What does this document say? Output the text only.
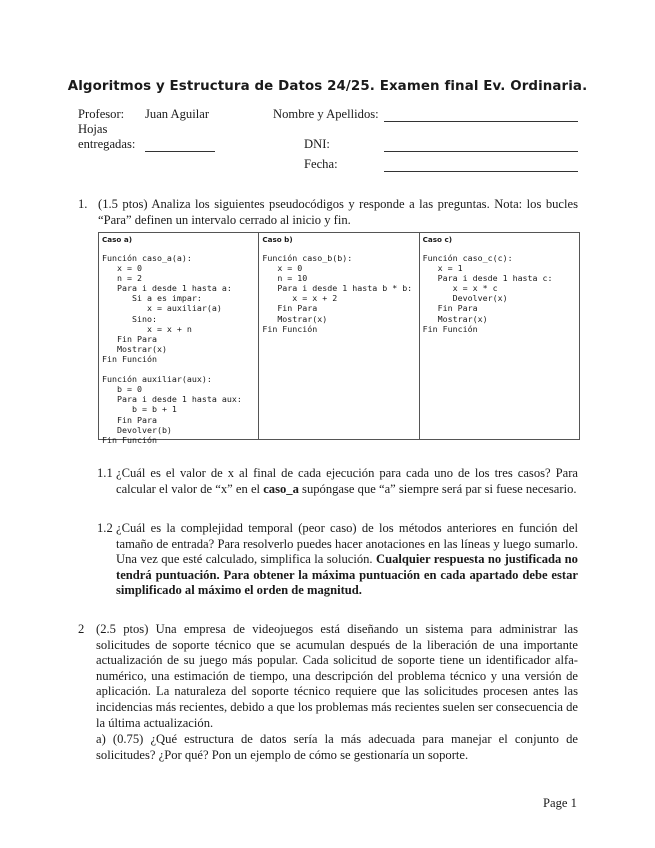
Algoritmos y Estructura de Datos 24/25. Examen final Ev. Ordinaria.
Profesor: Juan Aguilar	Nombre y Apellidos:
Hojas
entregadas:	DNI:
Fecha:
1. (1.5 ptos) Analiza los siguientes pseudocódigos y responde a las preguntas. Nota: los bucles “Para” definen un intervalo cerrado al inicio y fin.
Caso a)
Función caso_a(a):
x = 0
n = 2
Para i desde 1 hasta a:
Si a es impar:
x = auxiliar(a)
Sino:
x = x + n
Fin Para
Mostrar(x)
Fin Función

Función auxiliar(aux):
b = 0
Para i desde 1 hasta aux:
b = b + 1
Fin Para
Devolver(b)
Fin Función
Caso b)
Función caso_b(b):
x = 0
n = 10
Para i desde 1 hasta b * b:
x = x + 2
Fin Para
Mostrar(x)
Fin Función
Caso c)
Función caso_c(c):
x = 1
Para i desde 1 hasta c:
x = x * c
Devolver(x)
Fin Para
Mostrar(x)
Fin Función
1.1 ¿Cuál es el valor de x al final de cada ejecución para cada uno de los tres casos? Para calcular el valor de “x” en el caso_a supóngase que “a” siempre será par si fuese necesario.
1.2 ¿Cuál es la complejidad temporal (peor caso) de los métodos anteriores en función del tamaño de entrada? Para resolverlo puedes hacer anotaciones en las líneas y luego sumarlo. Una vez que esté calculado, simplifica la solución. Cualquier respuesta no justificada no tendrá puntuación. Para obtener la máxima puntuación en cada apartado debe estar simplificado al máximo el orden de magnitud.
2 (2.5 ptos) Una empresa de videojuegos está diseñando un sistema para administrar las solicitudes de soporte técnico que se acumulan después de la liberación de una importante actualización de su juego más popular. Cada solicitud de soporte tiene un identificador alfa-numérico, una estimación de tiempo, una descripción del problema técnico y una versión de aplicación. La naturaleza del soporte técnico requiere que las solicitudes procesen antes las incidencias más recientes, debido a que los problemas más recientes suelen ser consecuencia de la última actualización.
a) (0.75) ¿Qué estructura de datos sería la más adecuada para manejar el conjunto de solicitudes? ¿Por qué? Pon un ejemplo de cómo se gestionaría un soporte.
Page 1
